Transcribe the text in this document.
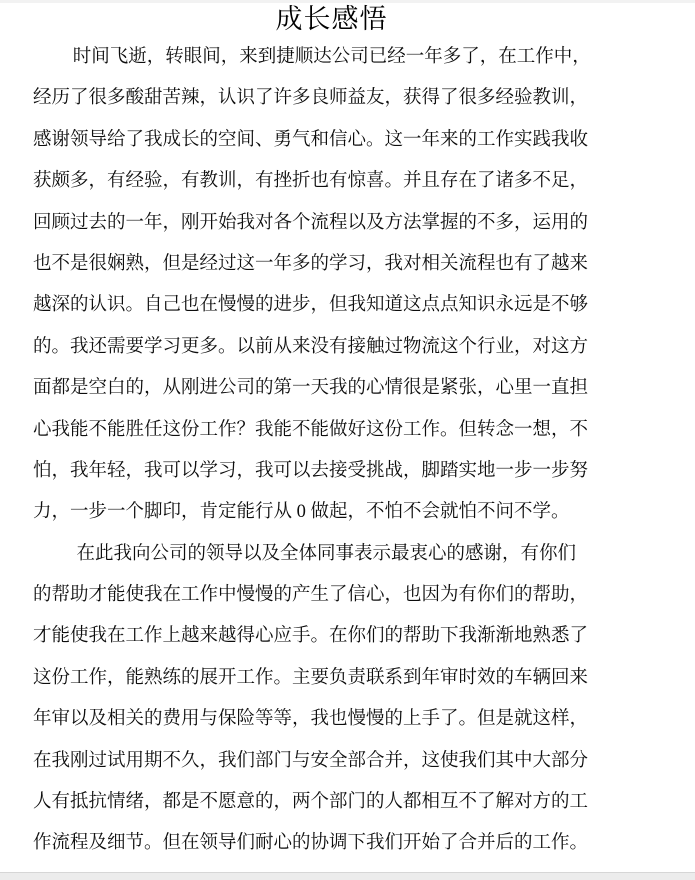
成长感悟
时间飞逝，转眼间，来到捷顺达公司已经一年多了，在工作中，
经历了很多酸甜苦辣，认识了许多良师益友，获得了很多经验教训，
感谢领导给了我成长的空间、勇气和信心。这一年来的工作实践我收
获颇多，有经验，有教训，有挫折也有惊喜。并且存在了诸多不足，
回顾过去的一年，刚开始我对各个流程以及方法掌握的不多，运用的
也不是很娴熟，但是经过这一年多的学习，我对相关流程也有了越来
越深的认识。自己也在慢慢的进步，但我知道这点点知识永远是不够
的。我还需要学习更多。以前从来没有接触过物流这个行业，对这方
面都是空白的，从刚进公司的第一天我的心情很是紧张，心里一直担
心我能不能胜任这份工作？我能不能做好这份工作。但转念一想，不
怕，我年轻，我可以学习，我可以去接受挑战，脚踏实地一步一步努
力，一步一个脚印，肯定能行从 0 做起，不怕不会就怕不问不学。
在此我向公司的领导以及全体同事表示最衷心的感谢，有你们
的帮助才能使我在工作中慢慢的产生了信心，也因为有你们的帮助，
才能使我在工作上越来越得心应手。在你们的帮助下我渐渐地熟悉了
这份工作，能熟练的展开工作。主要负责联系到年审时效的车辆回来
年审以及相关的费用与保险等等，我也慢慢的上手了。但是就这样，
在我刚过试用期不久，我们部门与安全部合并，这使我们其中大部分
人有抵抗情绪，都是不愿意的，两个部门的人都相互不了解对方的工
作流程及细节。但在领导们耐心的协调下我们开始了合并后的工作。
